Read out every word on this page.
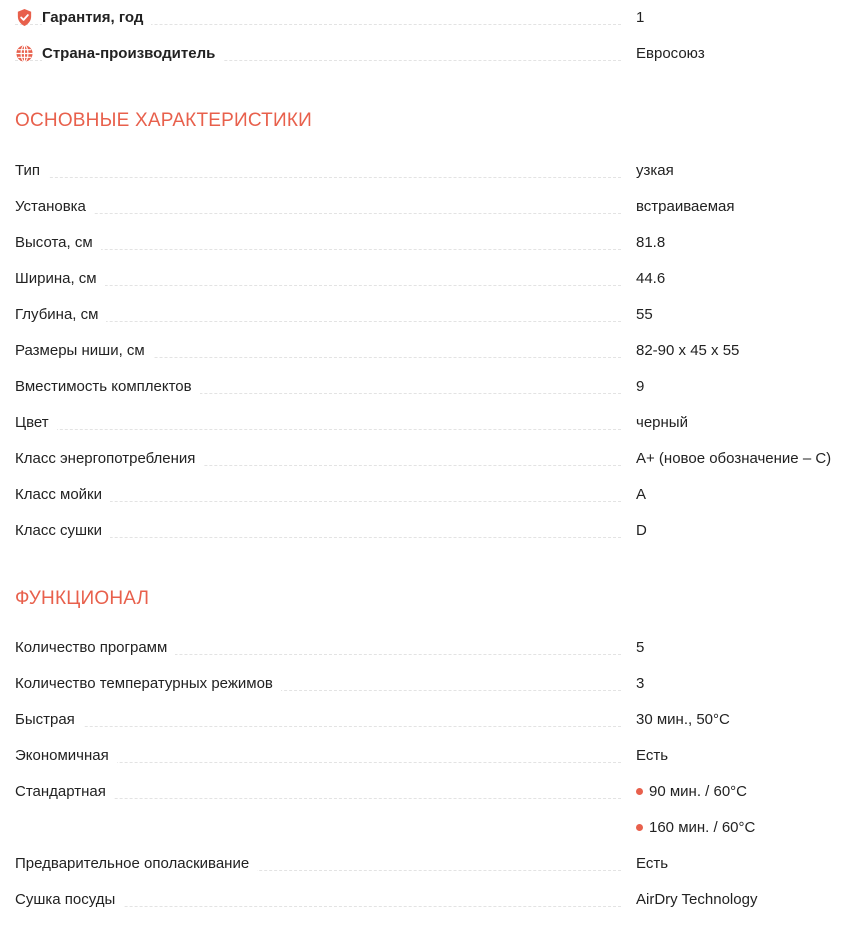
Гарантия, год	1
Страна-производитель	Евросоюз
ОСНОВНЫЕ ХАРАКТЕРИСТИКИ
Тип	узкая
Установка	встраиваемая
Высота, см	81.8
Ширина, см	44.6
Глубина, см	55
Размеры ниши, см	82-90 x 45 x 55
Вместимость комплектов	9
Цвет	черный
Класс энергопотребления	A+ (новое обозначение – C)
Класс мойки	A
Класс сушки	D
ФУНКЦИОНАЛ
Количество программ	5
Количество температурных режимов	3
Быстрая	30 мин., 50°C
Экономичная	Есть
Стандартная	90 мин. / 60°C
160 мин. / 60°C
Предварительное ополаскивание	Есть
Сушка посуды	AirDry Technology
